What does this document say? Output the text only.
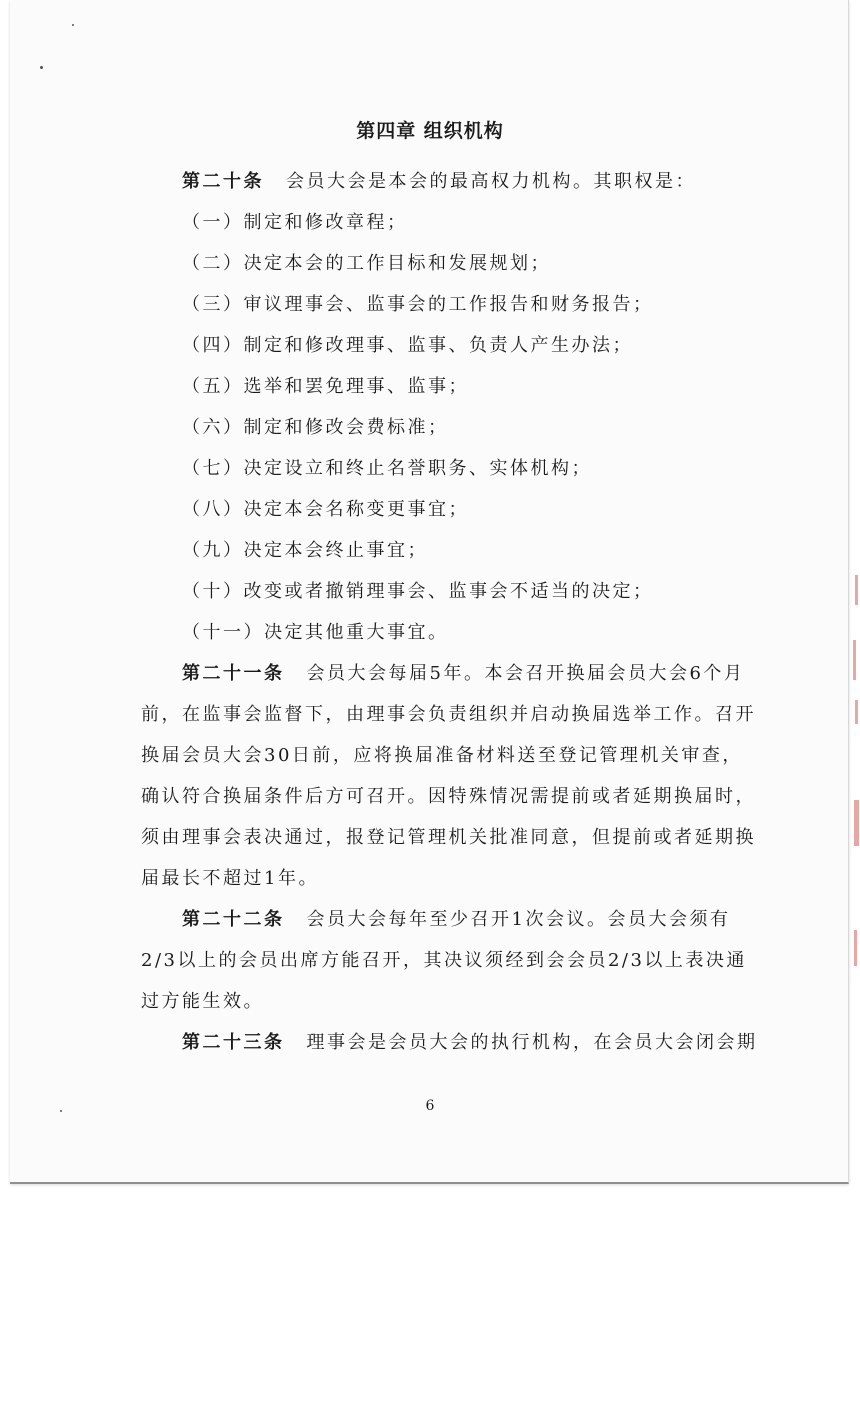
第四章 组织机构
第二十条 会员大会是本会的最高权力机构。其职权是：
（一）制定和修改章程；
（二）决定本会的工作目标和发展规划；
（三）审议理事会、监事会的工作报告和财务报告；
（四）制定和修改理事、监事、负责人产生办法；
（五）选举和罢免理事、监事；
（六）制定和修改会费标准；
（七）决定设立和终止名誉职务、实体机构；
（八）决定本会名称变更事宜；
（九）决定本会终止事宜；
（十）改变或者撤销理事会、监事会不适当的决定；
（十一）决定其他重大事宜。
第二十一条 会员大会每届5年。本会召开换届会员大会6个月
前，在监事会监督下，由理事会负责组织并启动换届选举工作。召开
换届会员大会30日前，应将换届准备材料送至登记管理机关审查，
确认符合换届条件后方可召开。因特殊情况需提前或者延期换届时，
须由理事会表决通过，报登记管理机关批准同意，但提前或者延期换
届最长不超过1年。
第二十二条 会员大会每年至少召开1次会议。会员大会须有
2/3以上的会员出席方能召开，其决议须经到会会员2/3以上表决通
过方能生效。
第二十三条 理事会是会员大会的执行机构，在会员大会闭会期
6
